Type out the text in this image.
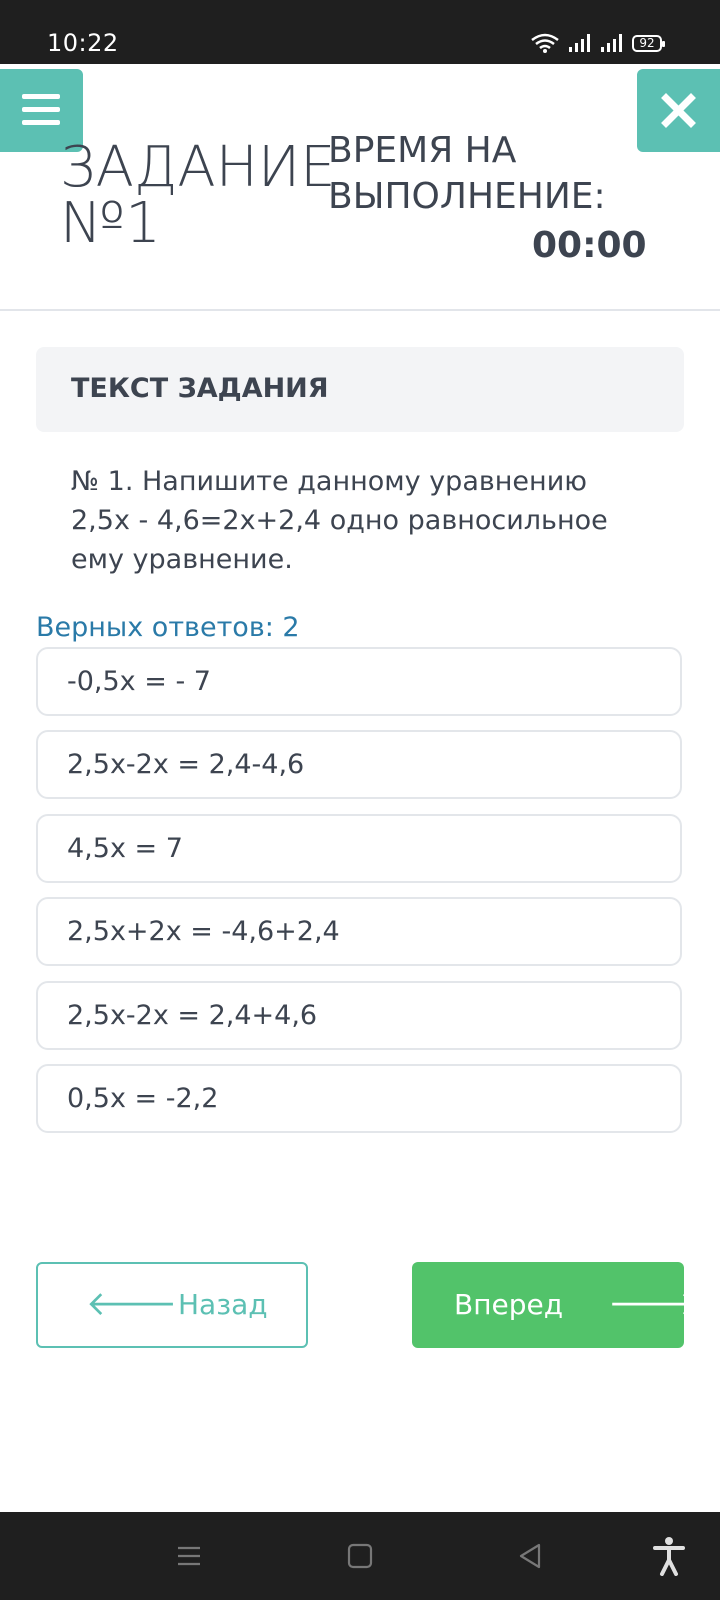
10:22	92
ЗАДАНИЕ
№1
ВРЕМЯ НА
ВЫПОЛНЕНИЕ:
00:00
ТЕКСТ ЗАДАНИЯ
№ 1. Напишите данному уравнению
2,5x - 4,6=2x+2,4 одно равносильное
ему уравнение.
Верных ответов: 2
-0,5х = - 7
2,5х-2х = 2,4-4,6
4,5х = 7
2,5х+2х = -4,6+2,4
2,5х-2х = 2,4+4,6
0,5х = -2,2
🡐 Назад	Вперед 🡒
